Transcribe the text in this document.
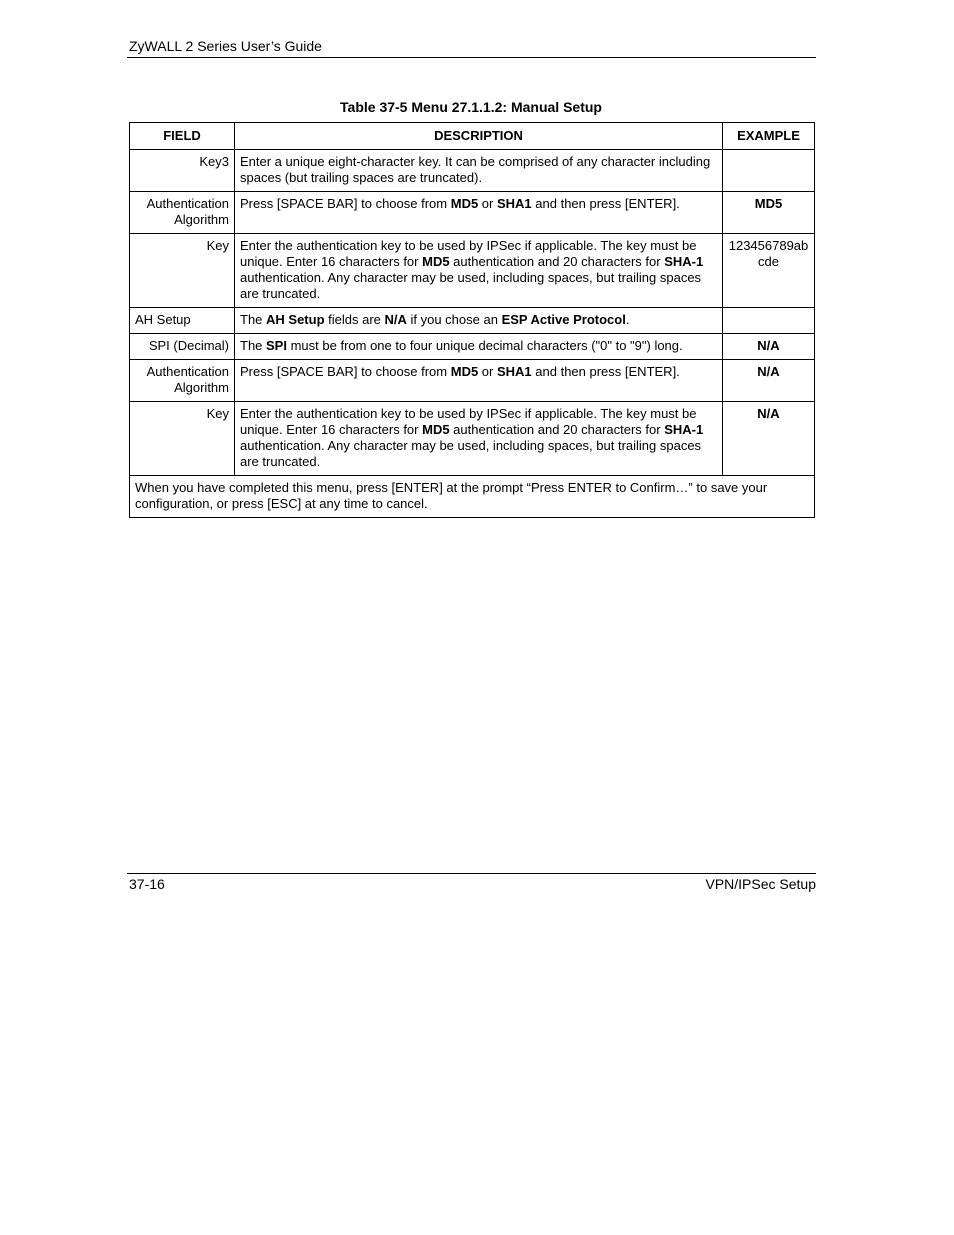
ZyWALL 2 Series User’s Guide
Table 37-5 Menu 27.1.1.2: Manual Setup
FIELD	DESCRIPTION	EXAMPLE
Key3	Enter a unique eight-character key. It can be comprised of any character including spaces (but trailing spaces are truncated).	
Authentication Algorithm	Press [SPACE BAR] to choose from MD5 or SHA1 and then press [ENTER].	MD5
Key	Enter the authentication key to be used by IPSec if applicable. The key must be unique. Enter 16 characters for MD5 authentication and 20 characters for SHA-1 authentication. Any character may be used, including spaces, but trailing spaces are truncated.	123456789abcde
AH Setup	The AH Setup fields are N/A if you chose an ESP Active Protocol.	
SPI (Decimal)	The SPI must be from one to four unique decimal characters ("0" to "9") long.	N/A
Authentication Algorithm	Press [SPACE BAR] to choose from MD5 or SHA1 and then press [ENTER].	N/A
Key	Enter the authentication key to be used by IPSec if applicable. The key must be unique. Enter 16 characters for MD5 authentication and 20 characters for SHA-1 authentication. Any character may be used, including spaces, but trailing spaces are truncated.	N/A
When you have completed this menu, press [ENTER] at the prompt “Press ENTER to Confirm…” to save your configuration, or press [ESC] at any time to cancel.		
37-16	VPN/IPSec Setup
